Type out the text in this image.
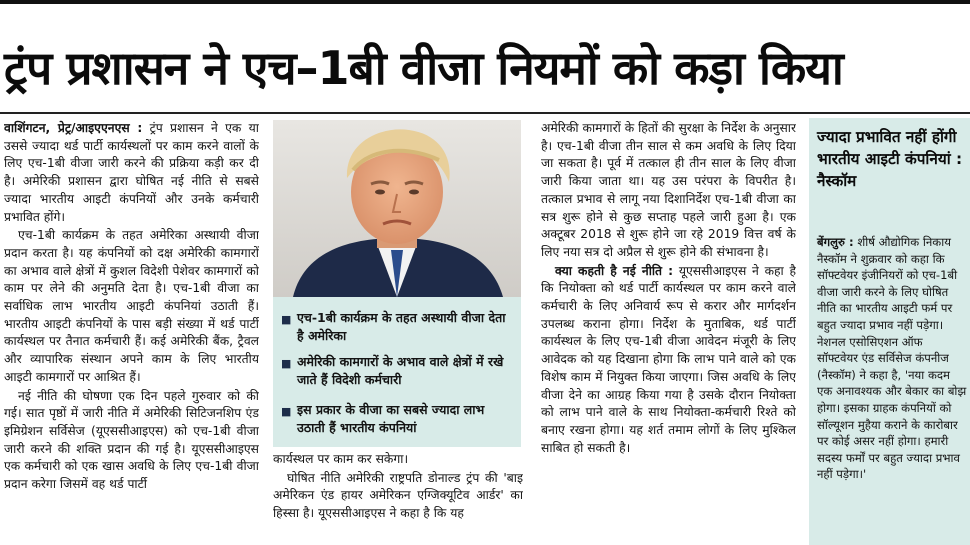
ट्रंप प्रशासन ने एच–1बी वीजा नियमों को कड़ा किया

वाशिंगटन, प्रेट्र/आइएएनएस : ट्रंप प्रशासन ने एक या उससे ज्यादा थर्ड पार्टी कार्यस्थलों पर काम करने वालों के लिए एच-1बी वीजा जारी करने की प्रक्रिया कड़ी कर दी है। अमेरिकी प्रशासन द्वारा घोषित नई नीति से सबसे ज्यादा भारतीय आइटी कंपनियों और उनके कर्मचारी प्रभावित होंगे।

एच-1बी कार्यक्रम के तहत अमेरिका अस्थायी वीजा प्रदान करता है। यह कंपनियों को दक्ष अमेरिकी कामगारों का अभाव वाले क्षेत्रों में कुशल विदेशी पेशेवर कामगारों को काम पर लेने की अनुमति देता है। एच-1बी वीजा का सर्वाधिक लाभ भारतीय आइटी कंपनियां उठाती हैं। भारतीय आइटी कंपनियों के पास बड़ी संख्या में थर्ड पार्टी कार्यस्थल पर तैनात कर्मचारी हैं। कई अमेरिकी बैंक, ट्रैवल और व्यापारिक संस्थान अपने काम के लिए भारतीय आइटी कामगारों पर आश्रित हैं।

नई नीति की घोषणा एक दिन पहले गुरुवार को की गई। सात पृष्ठों में जारी नीति में अमेरिकी सिटिजनशिप एंड इमिग्रेशन सर्विसेज (यूएससीआइएस) को एच-1बी वीजा जारी करने की शक्ति प्रदान की गई है। यूएससीआइएस एक कर्मचारी को एक खास अवधि के लिए एच-1बी वीजा प्रदान करेगा जिसमें वह थर्ड पार्टी

■ एच-1बी कार्यक्रम के तहत अस्थायी वीजा देता है अमेरिका
■ अमेरिकी कामगारों के अभाव वाले क्षेत्रों में रखे जाते हैं विदेशी कर्मचारी
■ इस प्रकार के वीजा का सबसे ज्यादा लाभ उठाती हैं भारतीय कंपनियां

कार्यस्थल पर काम कर सकेगा।

घोषित नीति अमेरिकी राष्ट्रपति डोनाल्ड ट्रंप की 'बाइ अमेरिकन एंड हायर अमेरिकन एग्जिक्यूटिव आर्डर' का हिस्सा है। यूएससीआइएस ने कहा है कि यह

अमेरिकी कामगारों के हितों की सुरक्षा के निर्देश के अनुसार है। एच-1बी वीजा तीन साल से कम अवधि के लिए दिया जा सकता है। पूर्व में तत्काल ही तीन साल के लिए वीजा जारी किया जाता था। यह उस परंपरा के विपरीत है। तत्काल प्रभाव से लागू नया दिशानिर्देश एच-1बी वीजा का सत्र शुरू होने से कुछ सप्ताह पहले जारी हुआ है। एक अक्टूबर 2018 से शुरू होने जा रहे 2019 वित्त वर्ष के लिए नया सत्र दो अप्रैल से शुरू होने की संभावना है।

क्या कहती है नई नीति : यूएससीआइएस ने कहा है कि नियोक्ता को थर्ड पार्टी कार्यस्थल पर काम करने वाले कर्मचारी के लिए अनिवार्य रूप से करार और मार्गदर्शन उपलब्ध कराना होगा। निर्देश के मुताबिक, थर्ड पार्टी कार्यस्थल के लिए एच-1बी वीजा आवेदन मंजूरी के लिए आवेदक को यह दिखाना होगा कि लाभ पाने वाले को एक विशेष काम में नियुक्त किया जाएगा। जिस अवधि के लिए वीजा देने का आग्रह किया गया है उसके दौरान नियोक्ता को लाभ पाने वाले के साथ नियोक्ता-कर्मचारी रिश्ते को बनाए रखना होगा। यह शर्त तमाम लोगों के लिए मुश्किल साबित हो सकती है।

ज्यादा प्रभावित नहीं होंगी भारतीय आइटी कंपनियां : नैस्कॉम
बेंगलुरु : शीर्ष औद्योगिक निकाय नैस्कॉम ने शुक्रवार को कहा कि सॉफ्टवेयर इंजीनियरों को एच-1बी वीजा जारी करने के लिए घोषित नीति का भारतीय आइटी फर्म पर बहुत ज्यादा प्रभाव नहीं पड़ेगा। नेशनल एसोसिएशन ऑफ सॉफ्टवेयर एंड सर्विसेज कंपनीज (नैस्कॉम) ने कहा है, 'नया कदम एक अनावश्यक और बेकार का बोझ होगा। इसका ग्राहक कंपनियों को सॉल्यूशन मुहैया कराने के कारोबार पर कोई असर नहीं होगा। हमारी सदस्य फर्मों पर बहुत ज्यादा प्रभाव नहीं पड़ेगा।'
